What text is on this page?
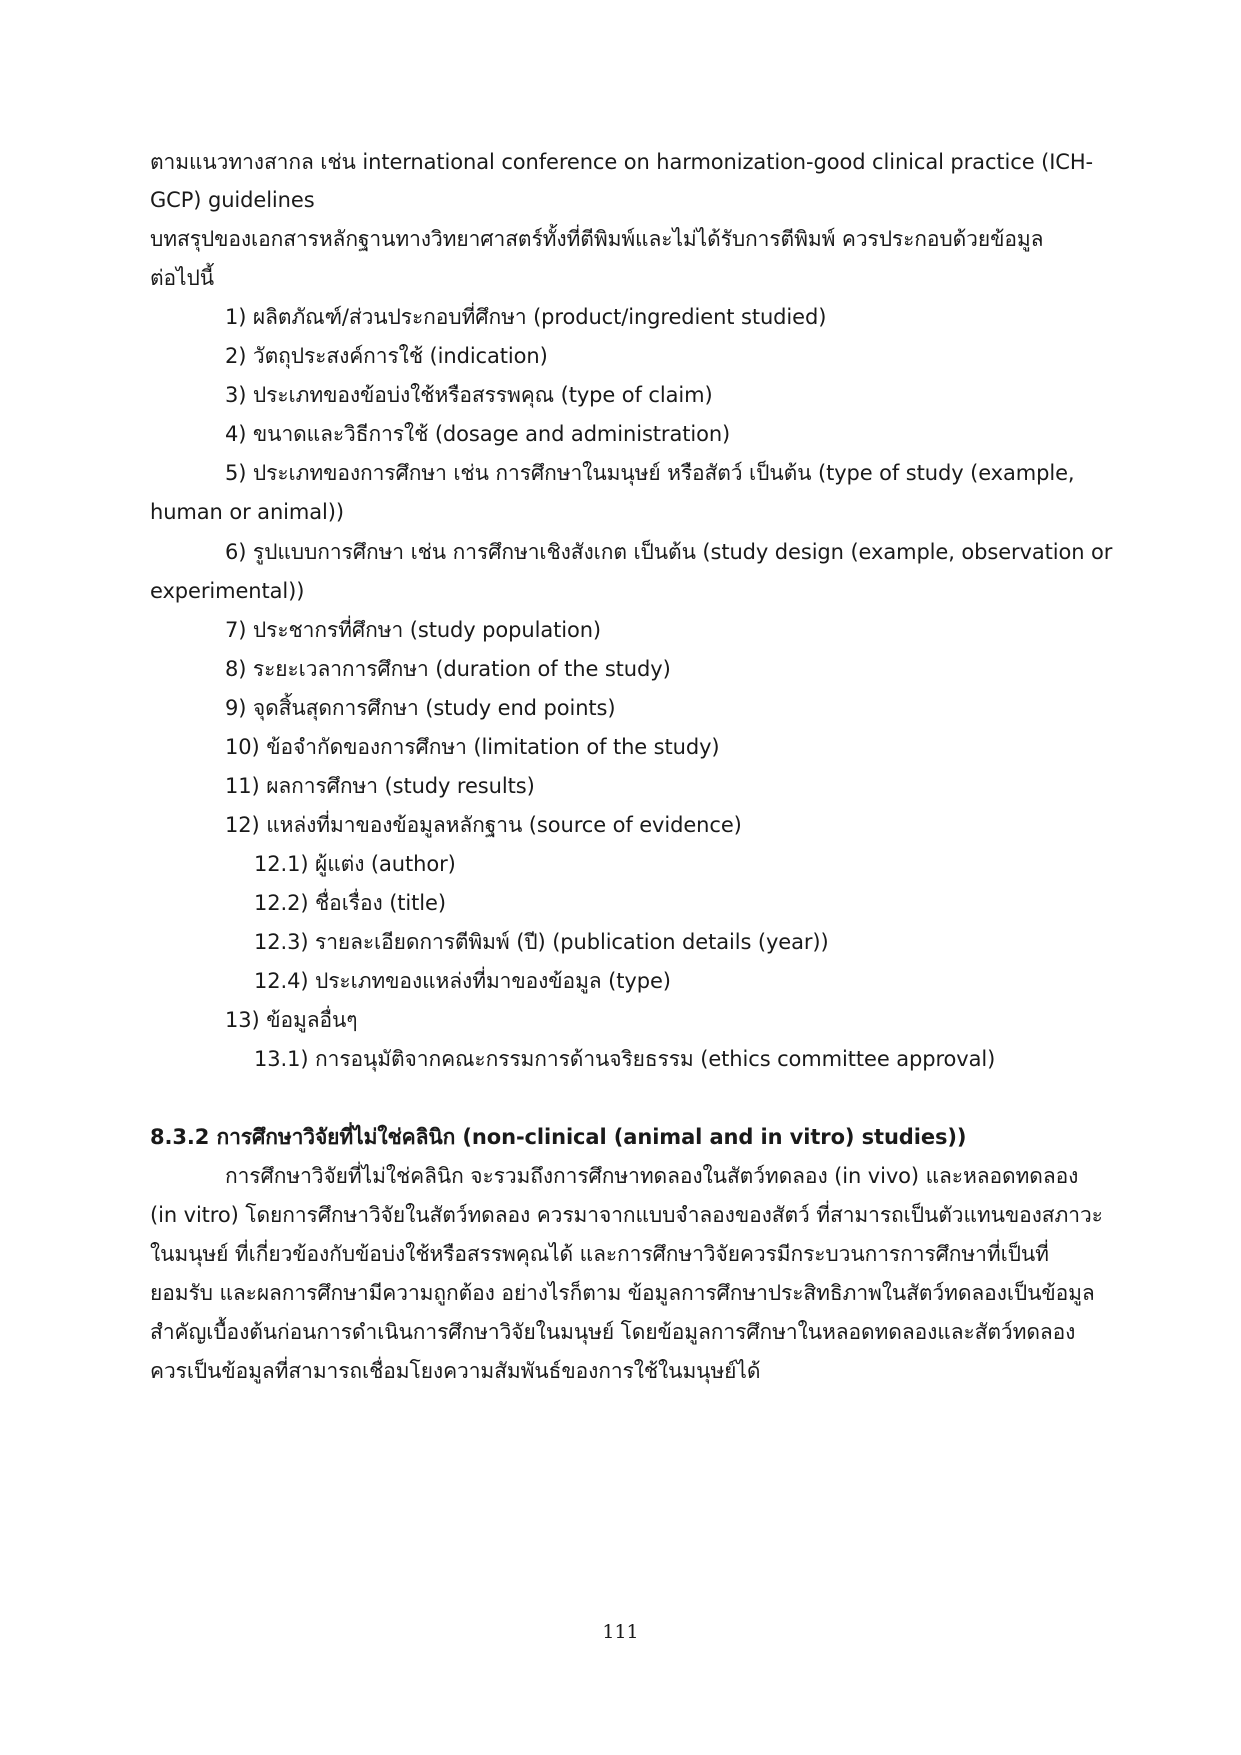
ตามแนวทางสากล เช่น international conference on harmonization-good clinical practice (ICH-
GCP) guidelines
บทสรุปของเอกสารหลักฐานทางวิทยาศาสตร์ทั้งที่ตีพิมพ์และไม่ได้รับการตีพิมพ์ ควรประกอบด้วยข้อมูล
ต่อไปนี้
1) ผลิตภัณฑ์/ส่วนประกอบที่ศึกษา (product/ingredient studied)
2) วัตถุประสงค์การใช้ (indication)
3) ประเภทของข้อบ่งใช้หรือสรรพคุณ (type of claim)
4) ขนาดและวิธีการใช้ (dosage and administration)
5) ประเภทของการศึกษา เช่น การศึกษาในมนุษย์ หรือสัตว์ เป็นต้น (type of study (example,
human or animal))
6) รูปแบบการศึกษา เช่น การศึกษาเชิงสังเกต เป็นต้น (study design (example, observation or
experimental))
7) ประชากรที่ศึกษา (study population)
8) ระยะเวลาการศึกษา (duration of the study)
9) จุดสิ้นสุดการศึกษา (study end points)
10) ข้อจำกัดของการศึกษา (limitation of the study)
11) ผลการศึกษา (study results)
12) แหล่งที่มาของข้อมูลหลักฐาน (source of evidence)
12.1) ผู้แต่ง (author)
12.2) ชื่อเรื่อง (title)
12.3) รายละเอียดการตีพิมพ์ (ปี) (publication details (year))
12.4) ประเภทของแหล่งที่มาของข้อมูล (type)
13) ข้อมูลอื่นๆ
13.1) การอนุมัติจากคณะกรรมการด้านจริยธรรม (ethics committee approval)
8.3.2 การศึกษาวิจัยที่ไม่ใช่คลินิก (non-clinical (animal and in vitro) studies))
การศึกษาวิจัยที่ไม่ใช่คลินิก จะรวมถึงการศึกษาทดลองในสัตว์ทดลอง (in vivo) และหลอดทดลอง
(in vitro) โดยการศึกษาวิจัยในสัตว์ทดลอง ควรมาจากแบบจำลองของสัตว์ ที่สามารถเป็นตัวแทนของสภาวะ
ในมนุษย์ ที่เกี่ยวข้องกับข้อบ่งใช้หรือสรรพคุณได้ และการศึกษาวิจัยควรมีกระบวนการการศึกษาที่เป็นที่
ยอมรับ และผลการศึกษามีความถูกต้อง อย่างไรก็ตาม ข้อมูลการศึกษาประสิทธิภาพในสัตว์ทดลองเป็นข้อมูล
สำคัญเบื้องต้นก่อนการดำเนินการศึกษาวิจัยในมนุษย์ โดยข้อมูลการศึกษาในหลอดทดลองและสัตว์ทดลอง
ควรเป็นข้อมูลที่สามารถเชื่อมโยงความสัมพันธ์ของการใช้ในมนุษย์ได้
111
